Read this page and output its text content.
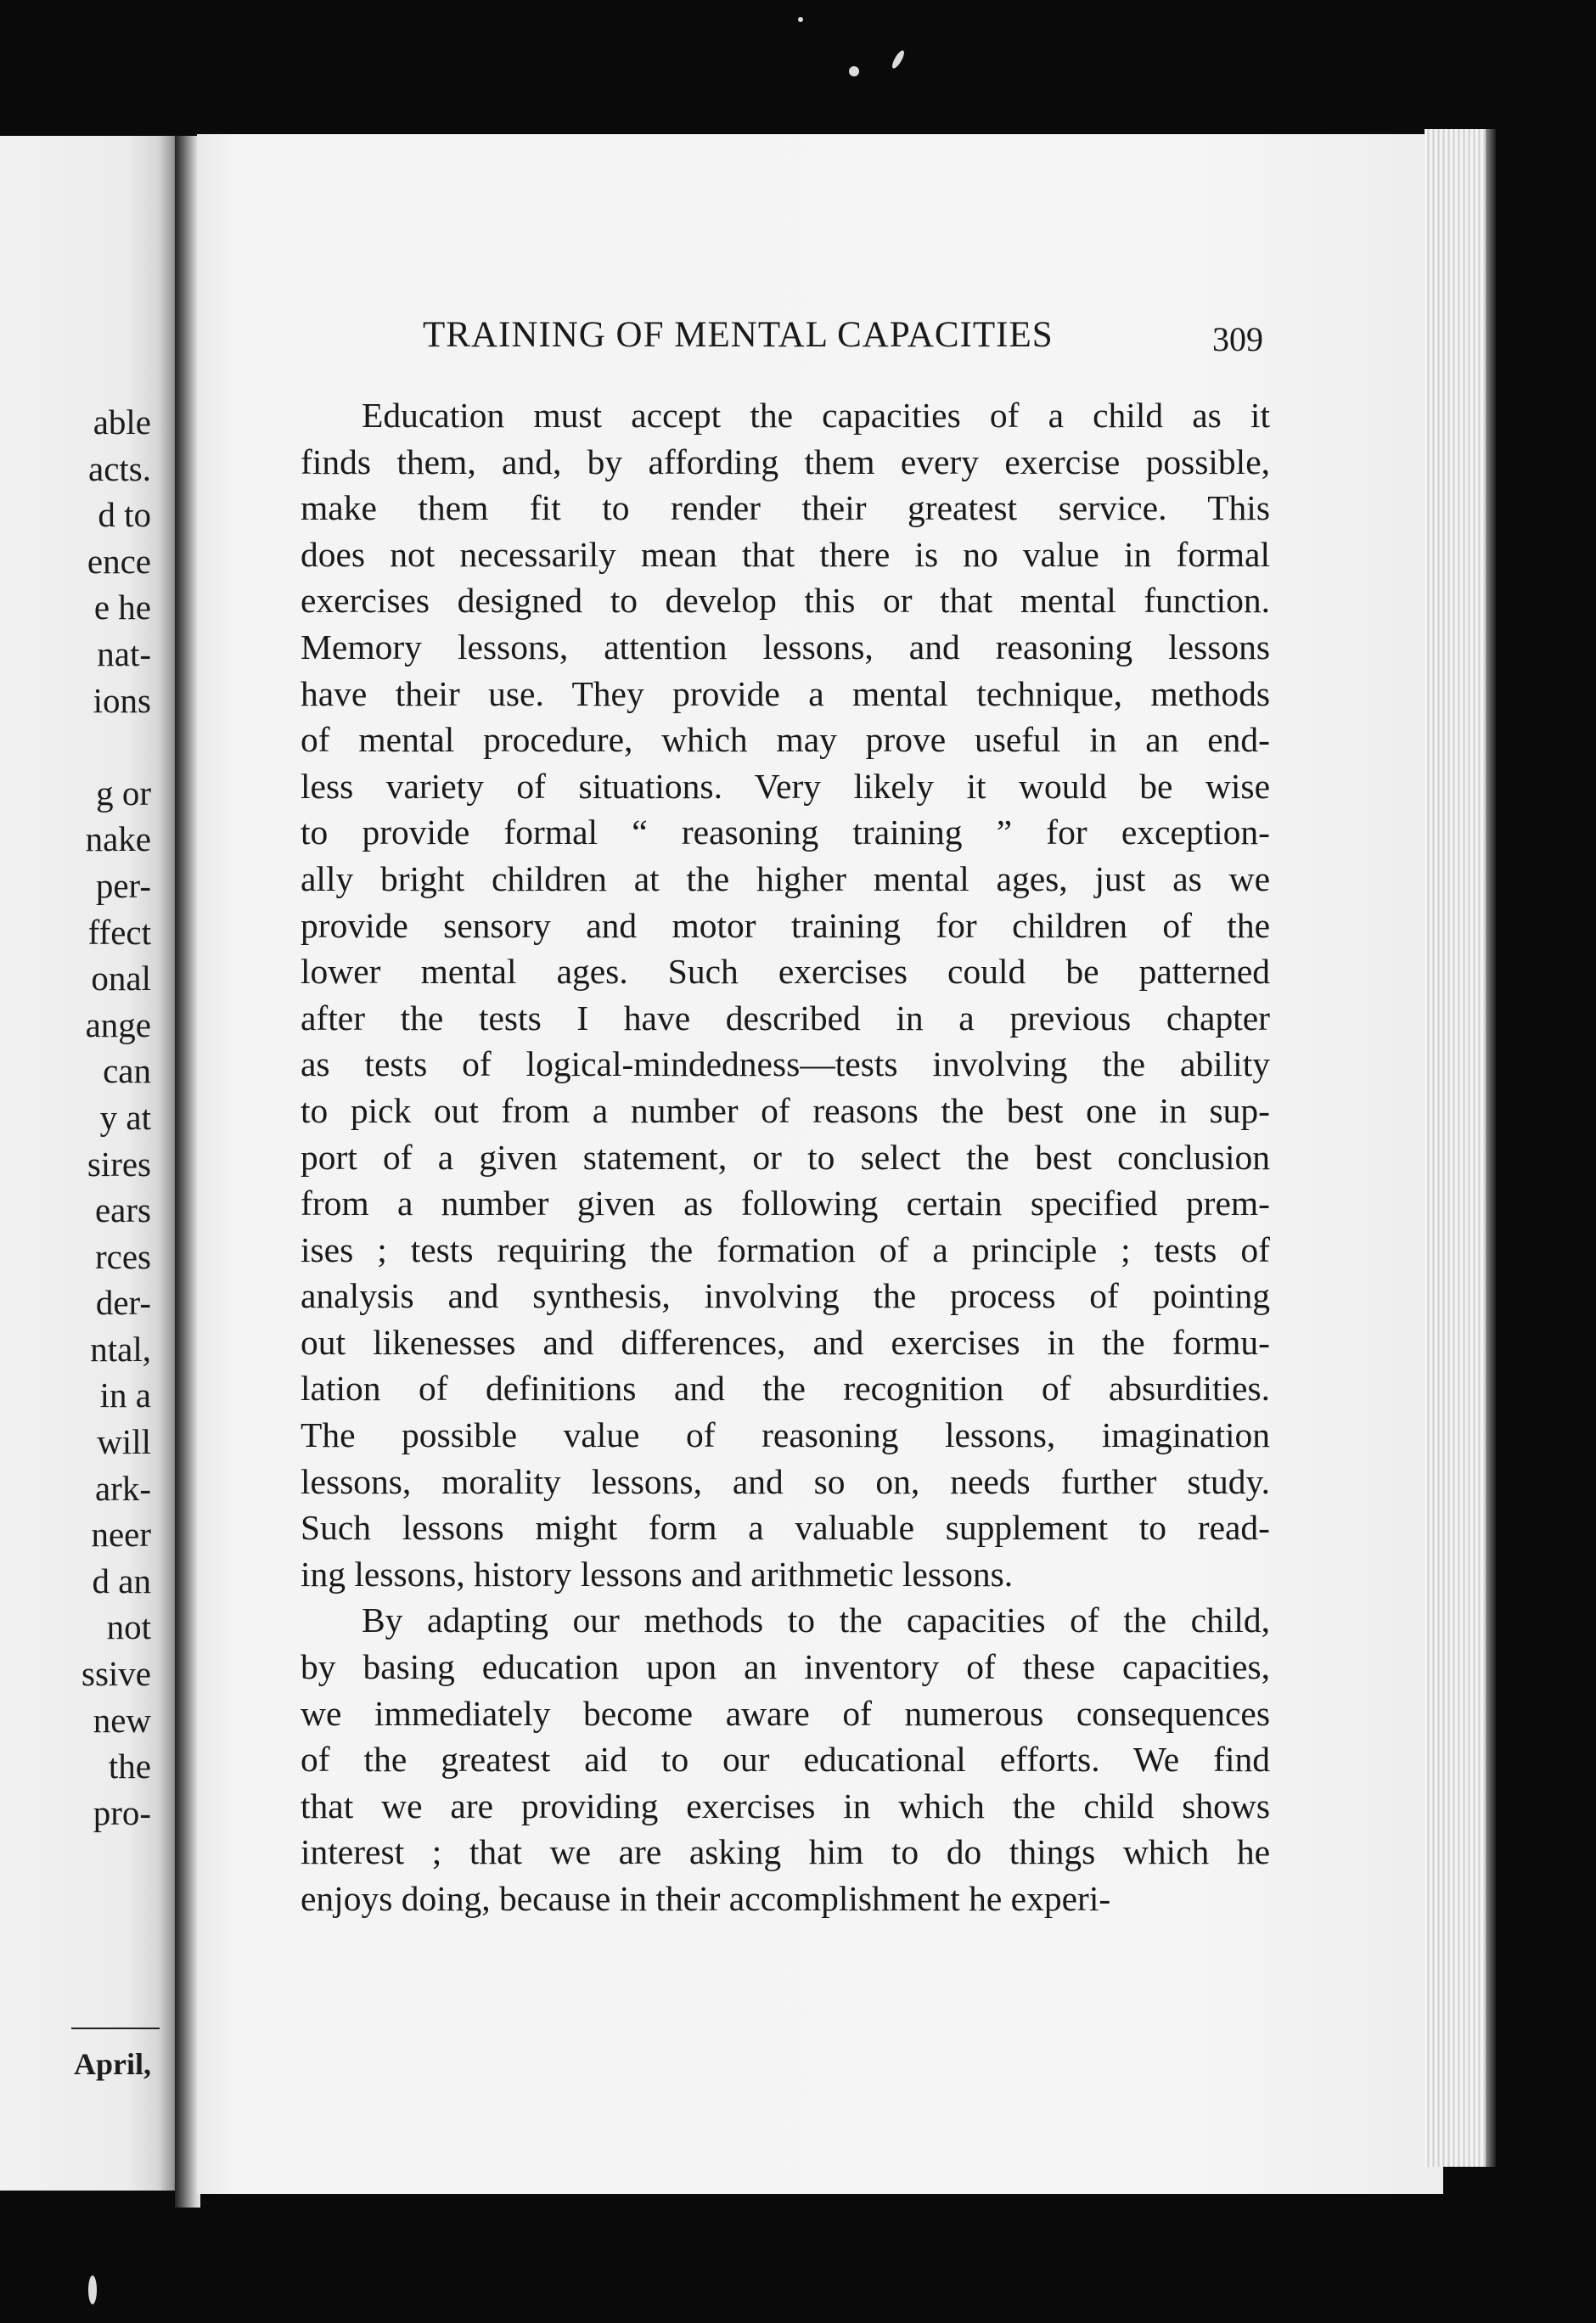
able
acts.
d to
ence
e he
nat-
ions
g or
nake
per-
ffect
onal
ange
can
y at
sires
ears
rces
der-
ntal,
in a
will
ark-
neer
d an
not
ssive
new
the
pro-
April,
TRAINING OF MENTAL CAPACITIES	309
Education must accept the capacities of a child as it
finds them, and, by affording them every exercise possible,
make them fit to render their greatest service. This
does not necessarily mean that there is no value in formal
exercises designed to develop this or that mental function.
Memory lessons, attention lessons, and reasoning lessons
have their use. They provide a mental technique, methods
of mental procedure, which may prove useful in an end-
less variety of situations. Very likely it would be wise
to provide formal “ reasoning training ” for exception-
ally bright children at the higher mental ages, just as we
provide sensory and motor training for children of the
lower mental ages. Such exercises could be patterned
after the tests I have described in a previous chapter
as tests of logical-mindedness—tests involving the ability
to pick out from a number of reasons the best one in sup-
port of a given statement, or to select the best conclusion
from a number given as following certain specified prem-
ises ; tests requiring the formation of a principle ; tests of
analysis and synthesis, involving the process of pointing
out likenesses and differences, and exercises in the formu-
lation of definitions and the recognition of absurdities.
The possible value of reasoning lessons, imagination
lessons, morality lessons, and so on, needs further study.
Such lessons might form a valuable supplement to read-
ing lessons, history lessons and arithmetic lessons.
By adapting our methods to the capacities of the child,
by basing education upon an inventory of these capacities,
we immediately become aware of numerous consequences
of the greatest aid to our educational efforts. We find
that we are providing exercises in which the child shows
interest ; that we are asking him to do things which he
enjoys doing, because in their accomplishment he experi-
